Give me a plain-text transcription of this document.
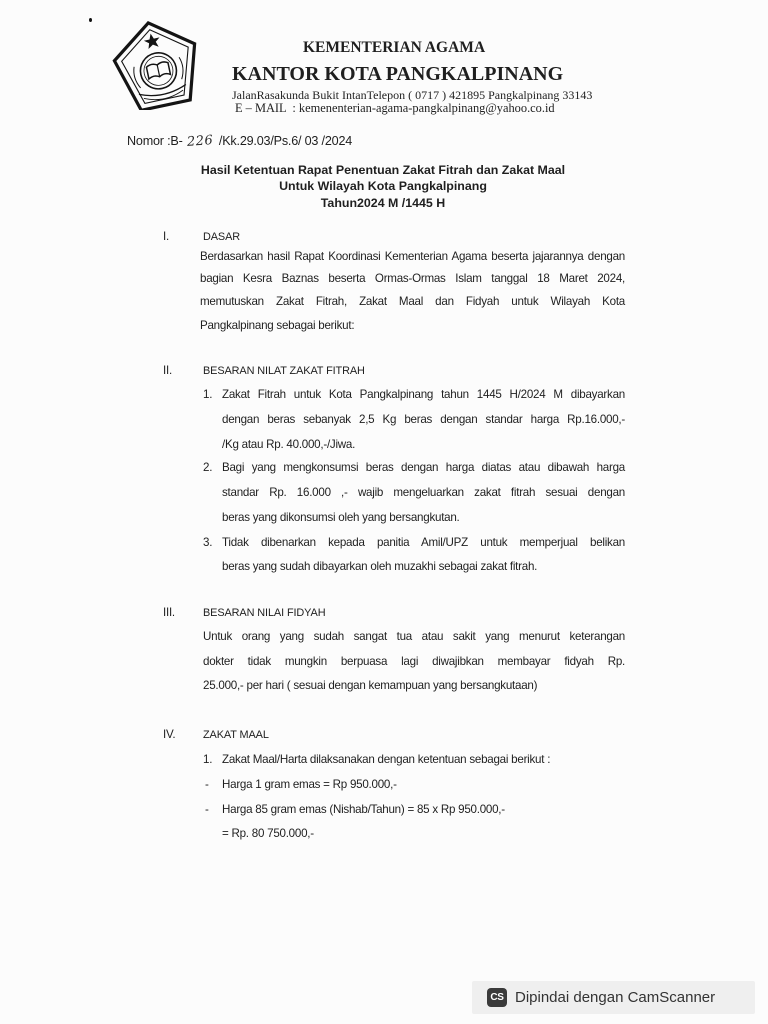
KEMENTERIAN AGAMA
KANTOR KOTA PANGKALPINANG
JalanRasakunda Bukit IntanTelepon ( 0717 ) 421895 Pangkalpinang 33143
E – MAIL  : kemenenterian-agama-pangkalpinang@yahoo.co.id
Nomor :B- 226 /Kk.29.03/Ps.6/ 03 /2024
Hasil Ketentuan Rapat Penentuan Zakat Fitrah dan Zakat Maal
Untuk Wilayah Kota Pangkalpinang
Tahun2024 M /1445 H
I.	DASAR
Berdasarkan hasil Rapat Koordinasi Kementerian Agama beserta jajarannya dengan
bagian Kesra Baznas beserta Ormas-Ormas Islam tanggal 18 Maret 2024,
memutuskan Zakat Fitrah, Zakat Maal dan Fidyah untuk Wilayah Kota
Pangkalpinang sebagai berikut:
II.	BESARAN NILAT ZAKAT FITRAH
1. Zakat Fitrah untuk Kota Pangkalpinang tahun 1445 H/2024 M dibayarkan
dengan beras sebanyak 2,5 Kg beras dengan standar harga Rp.16.000,-
/Kg atau Rp. 40.000,-/Jiwa.
2. Bagi yang mengkonsumsi beras dengan harga diatas atau dibawah harga
standar Rp. 16.000 ,- wajib mengeluarkan zakat fitrah sesuai dengan
beras yang dikonsumsi oleh yang bersangkutan.
3. Tidak dibenarkan kepada panitia Amil/UPZ untuk memperjual belikan
beras yang sudah dibayarkan oleh muzakhi sebagai zakat fitrah.
III.	BESARAN NILAI FIDYAH
Untuk orang yang sudah sangat tua atau sakit yang menurut keterangan
dokter tidak mungkin berpuasa lagi diwajibkan membayar fidyah Rp.
25.000,- per hari ( sesuai dengan kemampuan yang bersangkutaan)
IV.	ZAKAT MAAL
1. Zakat Maal/Harta dilaksanakan dengan ketentuan sebagai berikut :
- Harga 1 gram emas = Rp 950.000,-
- Harga 85 gram emas (Nishab/Tahun) = 85 x Rp 950.000,-
= Rp. 80 750.000,-
CS Dipindai dengan CamScanner
